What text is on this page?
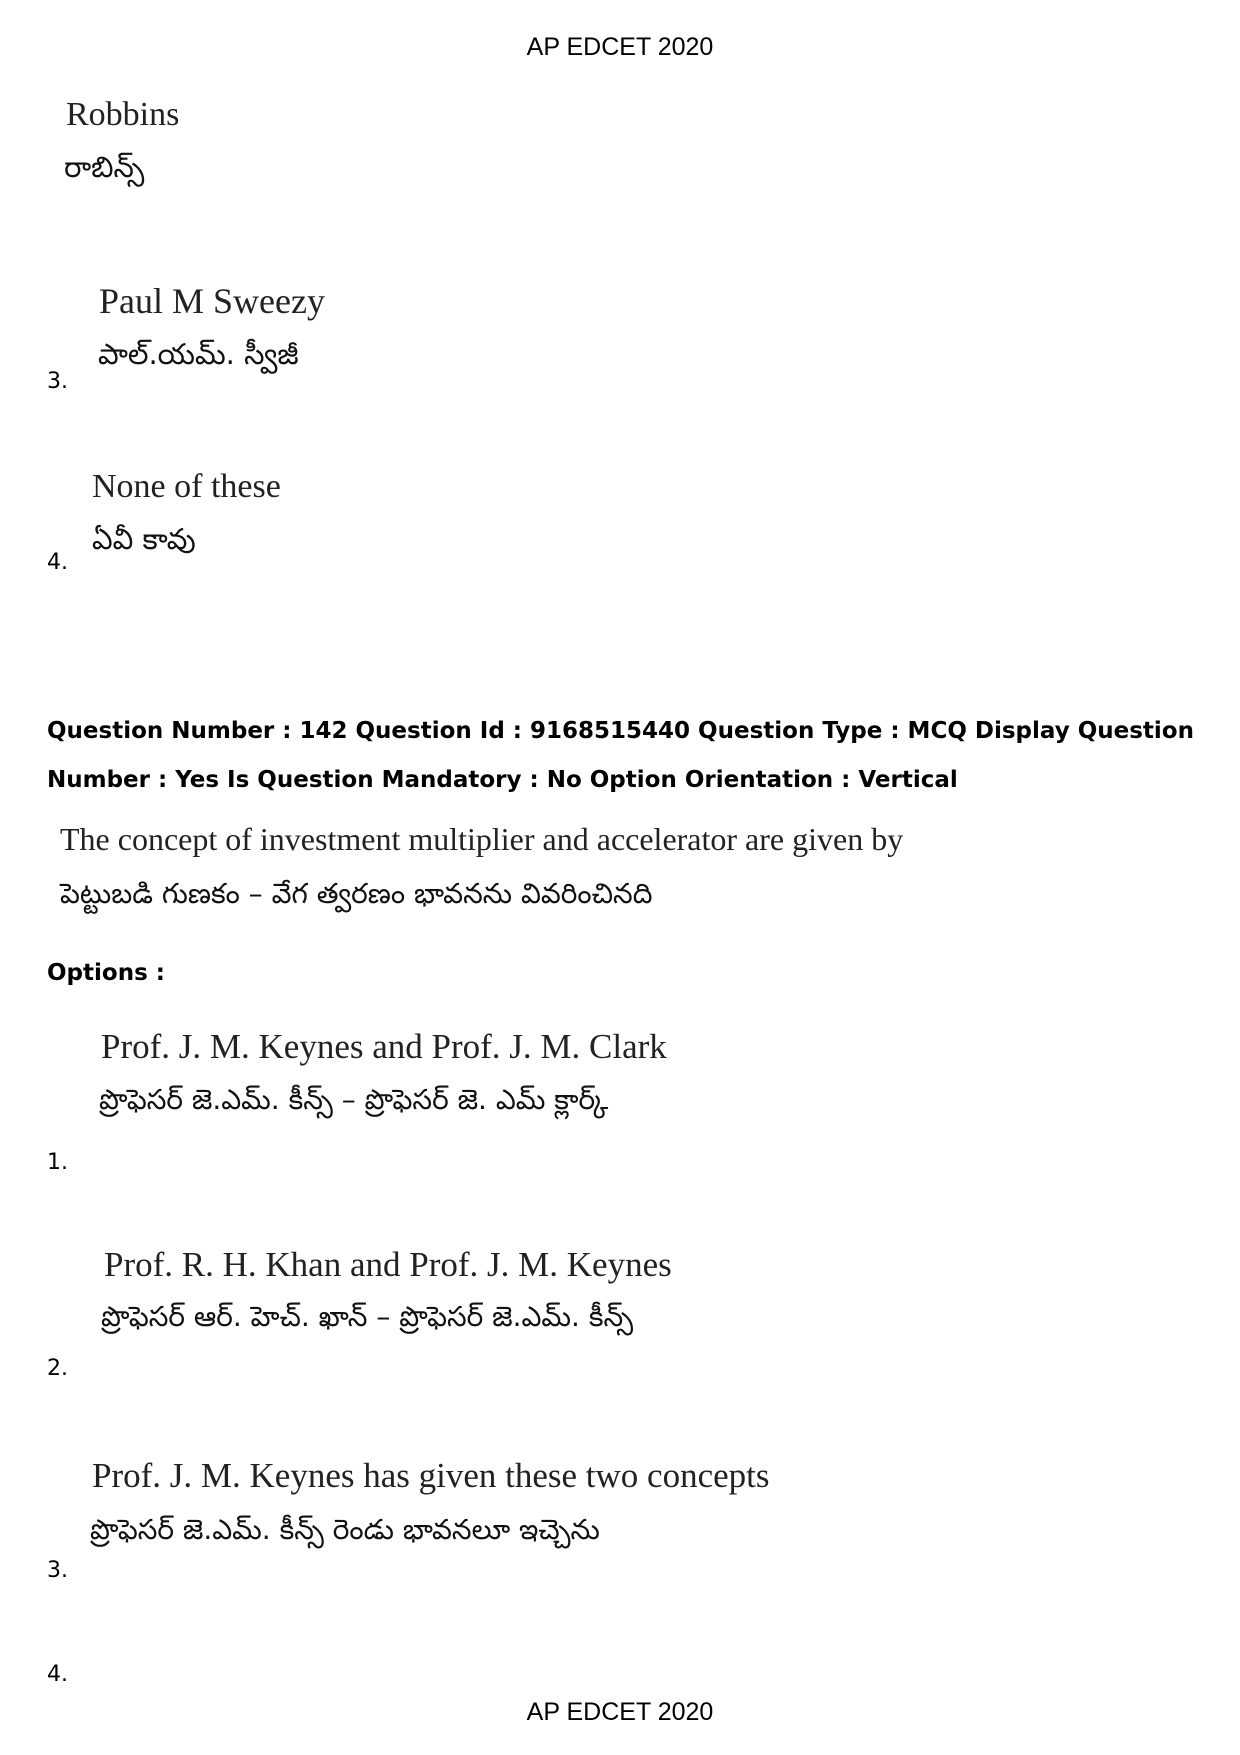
AP EDCET 2020
Robbins
రాబిన్స్
Paul M Sweezy
పాల్.యమ్. స్వీజీ
3.
None of these
ఏవీ కావు
4.
Question Number : 142 Question Id : 9168515440 Question Type : MCQ Display Question Number : Yes Is Question Mandatory : No Option Orientation : Vertical
The concept of investment multiplier and accelerator are given by
పెట్టుబడి గుణకం – వేగ త్వరణం భావనను వివరించినది
Options :
Prof. J. M. Keynes and Prof. J. M. Clark
ప్రొఫెసర్ జె.ఎమ్. కీన్స్ – ప్రొఫెసర్ జె. ఎమ్ క్లార్క్
1.
Prof. R. H. Khan and Prof. J. M. Keynes
ప్రొఫెసర్ ఆర్. హెచ్. ఖాన్ – ప్రొఫెసర్ జె.ఎమ్. కీన్స్
2.
Prof. J. M. Keynes has given these two concepts
ప్రొఫెసర్ జె.ఎమ్. కీన్స్ రెండు భావనలూ ఇచ్చెను
3.
4.
AP EDCET 2020
